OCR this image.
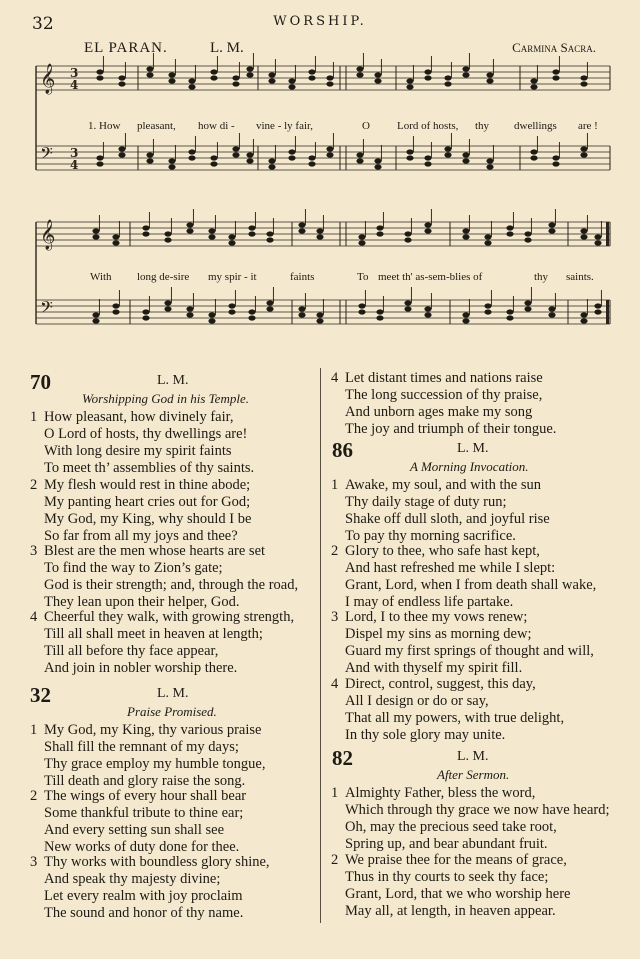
32	WORSHIP.
EL PARAN.	L. M.	Carmina Sacra.
𝄞
𝄢
𝄞
𝄢
3
4
3
4
1. How pleasant, how di - vine - ly fair,	O Lord of hosts, thy dwellings are !
With long de-sire my spir - it	faints	To meet th' as-sem-blies of	thy saints.
70	L. M.
Worshipping God in his Temple.
1 How pleasant, how divinely fair,
O Lord of hosts, thy dwellings are!
With long desire my spirit faints
To meet th’ assemblies of thy saints.
2 My flesh would rest in thine abode;
My panting heart cries out for God;
My God, my King, why should I be
So far from all my joys and thee?
3 Blest are the men whose hearts are set
To find the way to Zion’s gate;
God is their strength; and, through the road,
They lean upon their helper, God.
4 Cheerful they walk, with growing strength,
Till all shall meet in heaven at length;
Till all before thy face appear,
And join in nobler worship there.
32	L. M.
Praise Promised.
1 My God, my King, thy various praise
Shall fill the remnant of my days;
Thy grace employ my humble tongue,
Till death and glory raise the song.
2 The wings of every hour shall bear
Some thankful tribute to thine ear;
And every setting sun shall see
New works of duty done for thee.
3 Thy works with boundless glory shine,
And speak thy majesty divine;
Let every realm with joy proclaim
The sound and honor of thy name.
4 Let distant times and nations raise
The long succession of thy praise,
And unborn ages make my song
The joy and triumph of their tongue.
86	L. M.
A Morning Invocation.
1 Awake, my soul, and with the sun
Thy daily stage of duty run;
Shake off dull sloth, and joyful rise
To pay thy morning sacrifice.
2 Glory to thee, who safe hast kept,
And hast refreshed me while I slept:
Grant, Lord, when I from death shall wake,
I may of endless life partake.
3 Lord, I to thee my vows renew;
Dispel my sins as morning dew;
Guard my first springs of thought and will,
And with thyself my spirit fill.
4 Direct, control, suggest, this day,
All I design or do or say,
That all my powers, with true delight,
In thy sole glory may unite.
82	L. M.
After Sermon.
1 Almighty Father, bless the word,
Which through thy grace we now have heard;
Oh, may the precious seed take root,
Spring up, and bear abundant fruit.
2 We praise thee for the means of grace,
Thus in thy courts to seek thy face;
Grant, Lord, that we who worship here
May all, at length, in heaven appear.
